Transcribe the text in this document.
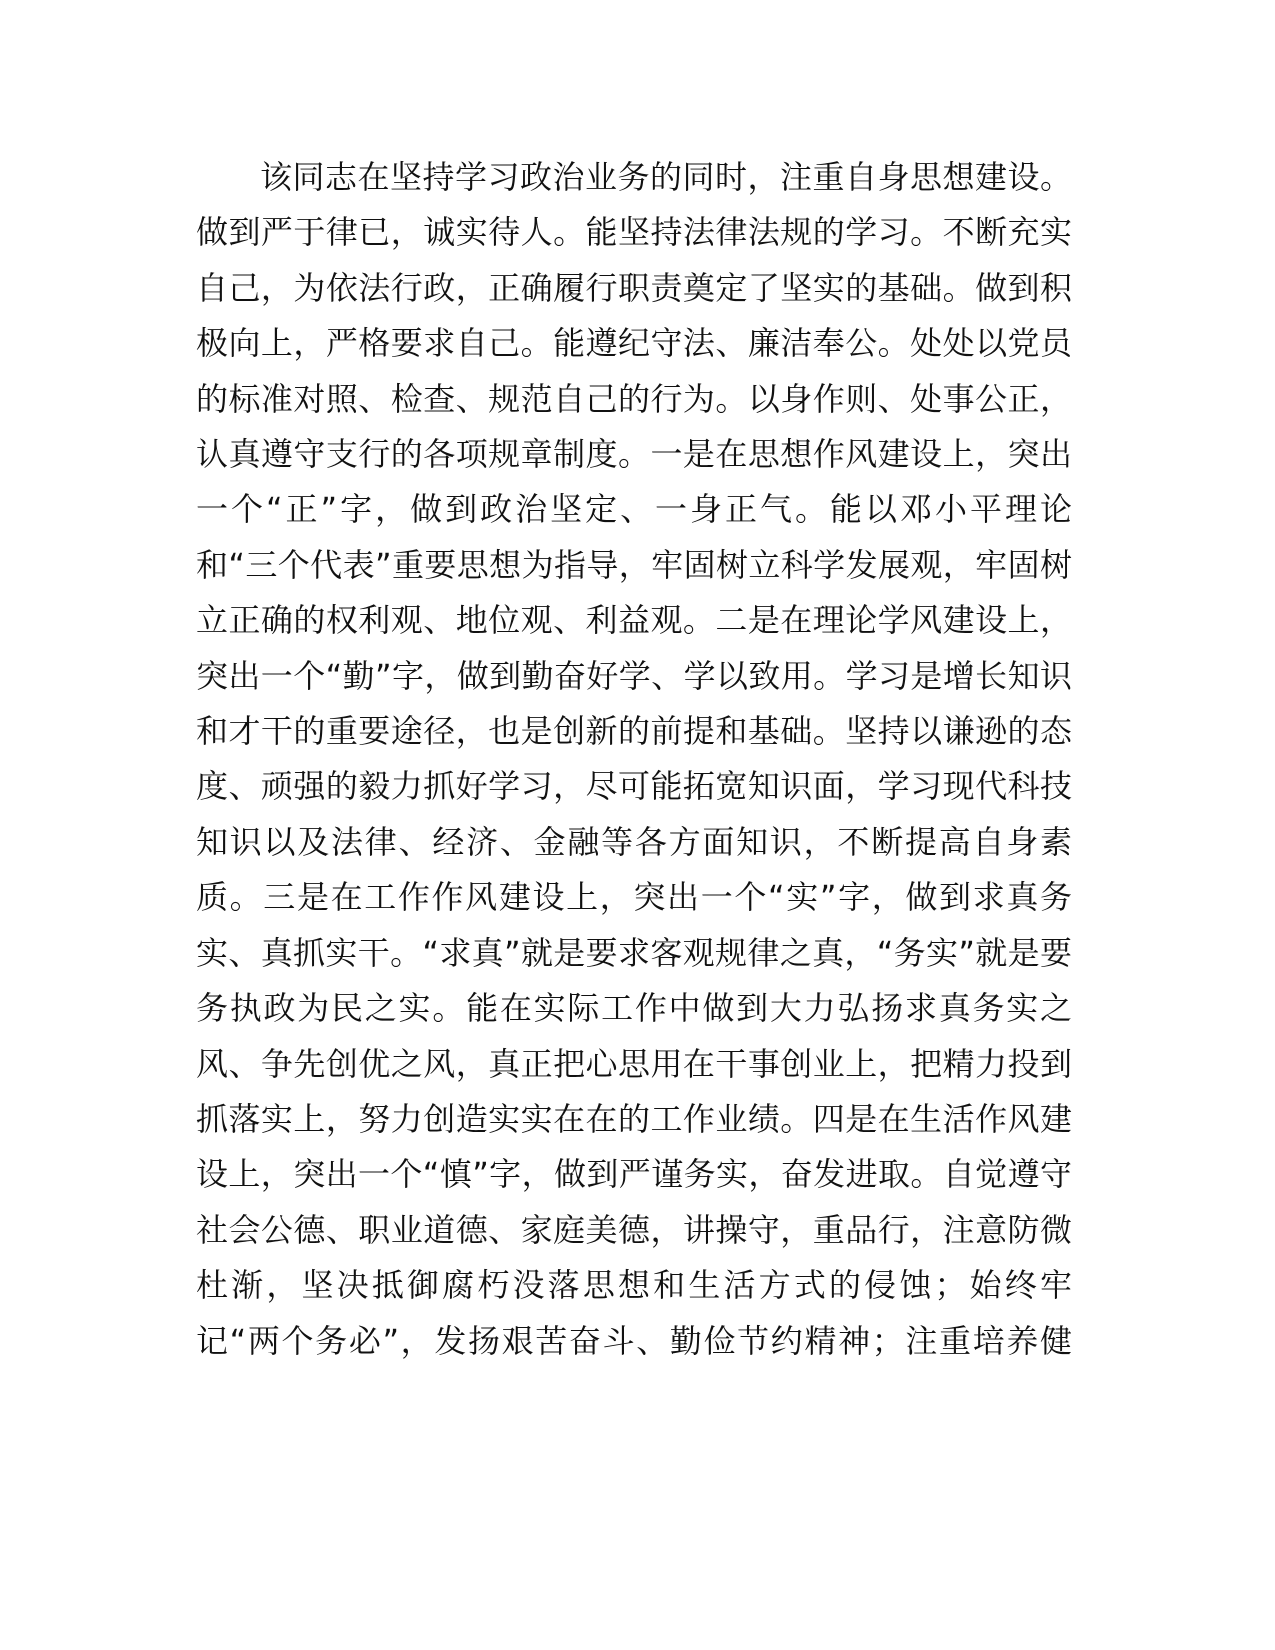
该同志在坚持学习政治业务的同时，注重自身思想建设。做到严于律已，诚实待人。能坚持法律法规的学习。不断充实自己，为依法行政，正确履行职责奠定了坚实的基础。做到积极向上，严格要求自己。能遵纪守法、廉洁奉公。处处以党员的标准对照、检查、规范自己的行为。以身作则、处事公正，认真遵守支行的各项规章制度。一是在思想作风建设上，突出一个“正”字，做到政治坚定、一身正气。能以邓小平理论和“三个代表”重要思想为指导，牢固树立科学发展观，牢固树立正确的权利观、地位观、利益观。二是在理论学风建设上，突出一个“勤”字，做到勤奋好学、学以致用。学习是增长知识和才干的重要途径，也是创新的前提和基础。坚持以谦逊的态度、顽强的毅力抓好学习，尽可能拓宽知识面，学习现代科技知识以及法律、经济、金融等各方面知识，不断提高自身素质。三是在工作作风建设上，突出一个“实”字，做到求真务实、真抓实干。“求真”就是要求客观规律之真，“务实”就是要务执政为民之实。能在实际工作中做到大力弘扬求真务实之风、争先创优之风，真正把心思用在干事创业上，把精力投到抓落实上，努力创造实实在在的工作业绩。四是在生活作风建设上，突出一个“慎”字，做到严谨务实，奋发进取。自觉遵守社会公德、职业道德、家庭美德，讲操守，重品行，注意防微杜渐，坚决抵御腐朽没落思想和生活方式的侵蚀；始终牢记“两个务必”，发扬艰苦奋斗、勤俭节约精神；注重培养健
